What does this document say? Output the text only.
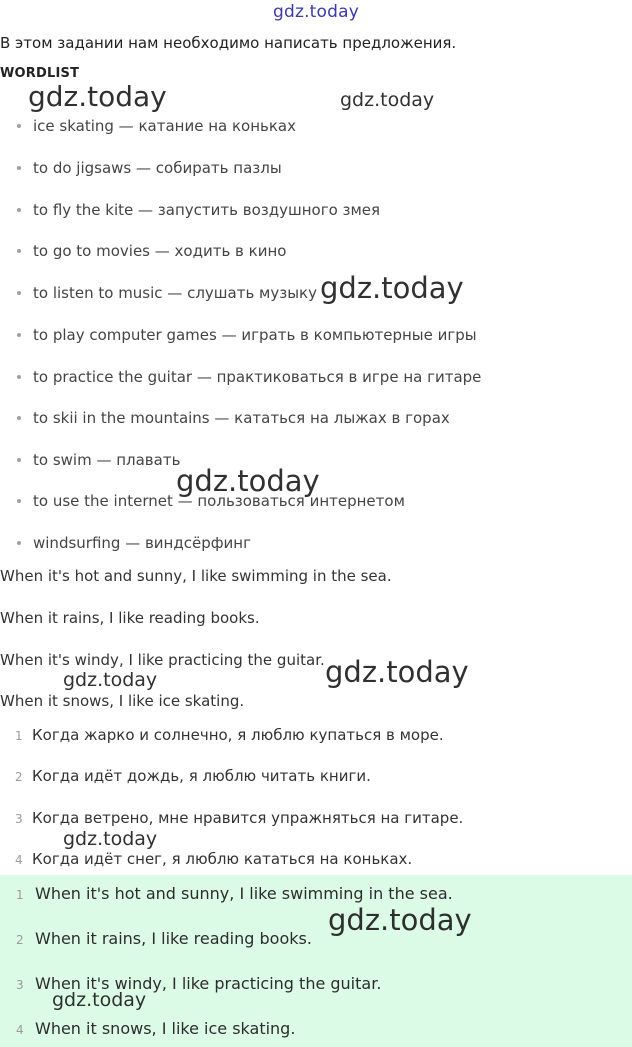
gdz.today
В этом задании нам необходимо написать предложения.
WORDLIST
ice skating — катание на коньках
to do jigsaws — собирать пазлы
to fly the kite — запустить воздушного змея
to go to movies — ходить в кино
to listen to music — слушать музыку
to play computer games — играть в компьютерные игры
to practice the guitar — практиковаться в игре на гитаре
to skii in the mountains — кататься на лыжах в горах
to swim — плавать
to use the internet — пользоваться интернетом
windsurfing — виндсёрфинг
When it's hot and sunny, I like swimming in the sea.
When it rains, I like reading books.
When it's windy, I like practicing the guitar.
When it snows, I like ice skating.
1 Когда жарко и солнечно, я люблю купаться в море.
2 Когда идёт дождь, я люблю читать книги.
3 Когда ветрено, мне нравится упражняться на гитаре.
4 Когда идёт снег, я люблю кататься на коньках.
1 When it's hot and sunny, I like swimming in the sea.
2 When it rains, I like reading books.
3 When it's windy, I like practicing the guitar.
4 When it snows, I like ice skating.
gdz.today	gdz.today
gdz.today
gdz.today
gdz.today
gdz.today
gdz.today
gdz.today
gdz.today
